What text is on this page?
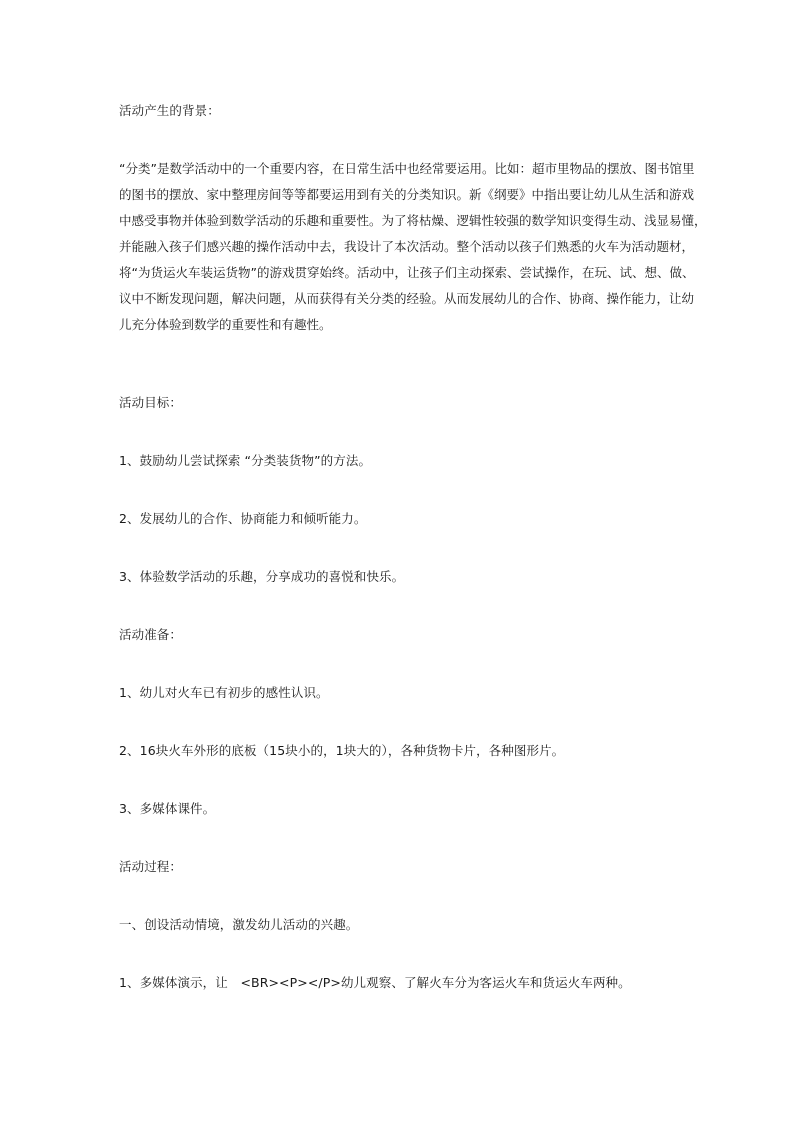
活动产生的背景：
“分类”是数学活动中的一个重要内容，在日常生活中也经常要运用。比如：超市里物品的摆放、图书馆里
的图书的摆放、家中整理房间等等都要运用到有关的分类知识。新《纲要》中指出要让幼儿从生活和游戏
中感受事物并体验到数学活动的乐趣和重要性。为了将枯燥、逻辑性较强的数学知识变得生动、浅显易懂，
并能融入孩子们感兴趣的操作活动中去，我设计了本次活动。整个活动以孩子们熟悉的火车为活动题材，
将“为货运火车装运货物”的游戏贯穿始终。活动中，让孩子们主动探索、尝试操作，在玩、试、想、做、
议中不断发现问题，解决问题，从而获得有关分类的经验。从而发展幼儿的合作、协商、操作能力，让幼
儿充分体验到数学的重要性和有趣性。
活动目标：
1、鼓励幼儿尝试探索 “分类装货物”的方法。
2、发展幼儿的合作、协商能力和倾听能力。
3、体验数学活动的乐趣，分享成功的喜悦和快乐。
活动准备：
1、幼儿对火车已有初步的感性认识。
2、16块火车外形的底板（15块小的，1块大的），各种货物卡片，各种图形片。
3、多媒体课件。
活动过程：
一、创设活动情境，激发幼儿活动的兴趣。
1、多媒体演示，让　<BR><P></P>幼儿观察、了解火车分为客运火车和货运火车两种。
